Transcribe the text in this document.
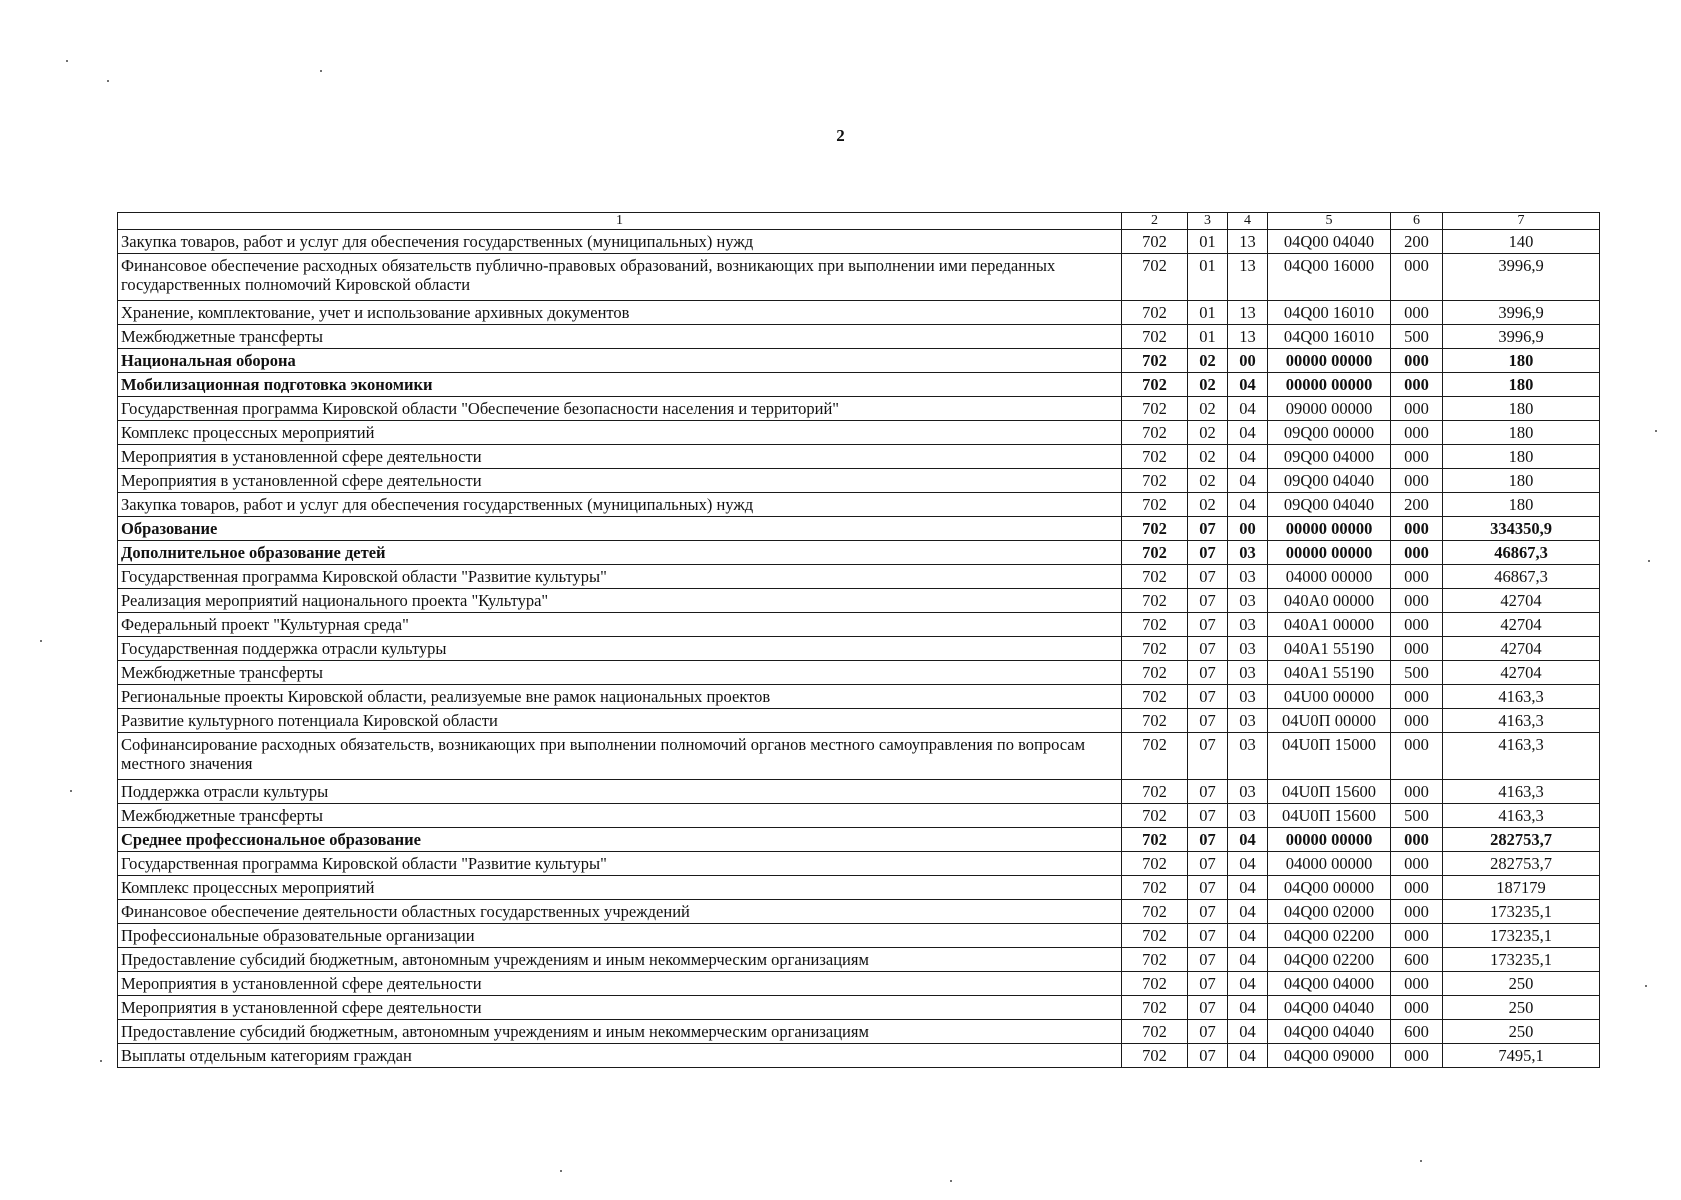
2
1	2	3	4	5	6	7
Закупка товаров, работ и услуг для обеспечения государственных (муниципальных) нужд	702	01	13	04Q00 04040	200	140
Финансовое обеспечение расходных обязательств публично-правовых образований, возникающих при выполнении ими переданных государственных полномочий Кировской области	702	01	13	04Q00 16000	000	3996,9
Хранение, комплектование, учет и использование архивных документов	702	01	13	04Q00 16010	000	3996,9
Межбюджетные трансферты	702	01	13	04Q00 16010	500	3996,9
Национальная оборона	702	02	00	00000 00000	000	180
Мобилизационная подготовка экономики	702	02	04	00000 00000	000	180
Государственная программа Кировской области "Обеспечение безопасности населения и территорий"	702	02	04	09000 00000	000	180
Комплекс процессных мероприятий	702	02	04	09Q00 00000	000	180
Мероприятия в установленной сфере деятельности	702	02	04	09Q00 04000	000	180
Мероприятия в установленной сфере деятельности	702	02	04	09Q00 04040	000	180
Закупка товаров, работ и услуг для обеспечения государственных (муниципальных) нужд	702	02	04	09Q00 04040	200	180
Образование	702	07	00	00000 00000	000	334350,9
Дополнительное образование детей	702	07	03	00000 00000	000	46867,3
Государственная программа Кировской области "Развитие культуры"	702	07	03	04000 00000	000	46867,3
Реализация мероприятий национального проекта "Культура"	702	07	03	040A0 00000	000	42704
Федеральный проект "Культурная среда"	702	07	03	040A1 00000	000	42704
Государственная поддержка отрасли культуры	702	07	03	040A1 55190	000	42704
Межбюджетные трансферты	702	07	03	040A1 55190	500	42704
Региональные проекты Кировской области, реализуемые вне рамок национальных проектов	702	07	03	04U00 00000	000	4163,3
Развитие культурного потенциала Кировской области	702	07	03	04U0П 00000	000	4163,3
Софинансирование расходных обязательств, возникающих при выполнении полномочий органов местного самоуправления по вопросам местного значения	702	07	03	04U0П 15000	000	4163,3
Поддержка отрасли культуры	702	07	03	04U0П 15600	000	4163,3
Межбюджетные трансферты	702	07	03	04U0П 15600	500	4163,3
Среднее профессиональное образование	702	07	04	00000 00000	000	282753,7
Государственная программа Кировской области "Развитие культуры"	702	07	04	04000 00000	000	282753,7
Комплекс процессных мероприятий	702	07	04	04Q00 00000	000	187179
Финансовое обеспечение деятельности областных государственных учреждений	702	07	04	04Q00 02000	000	173235,1
Профессиональные образовательные организации	702	07	04	04Q00 02200	000	173235,1
Предоставление субсидий бюджетным, автономным учреждениям и иным некоммерческим организациям	702	07	04	04Q00 02200	600	173235,1
Мероприятия в установленной сфере деятельности	702	07	04	04Q00 04000	000	250
Мероприятия в установленной сфере деятельности	702	07	04	04Q00 04040	000	250
Предоставление субсидий бюджетным, автономным учреждениям и иным некоммерческим организациям	702	07	04	04Q00 04040	600	250
Выплаты отдельным категориям граждан	702	07	04	04Q00 09000	000	7495,1
